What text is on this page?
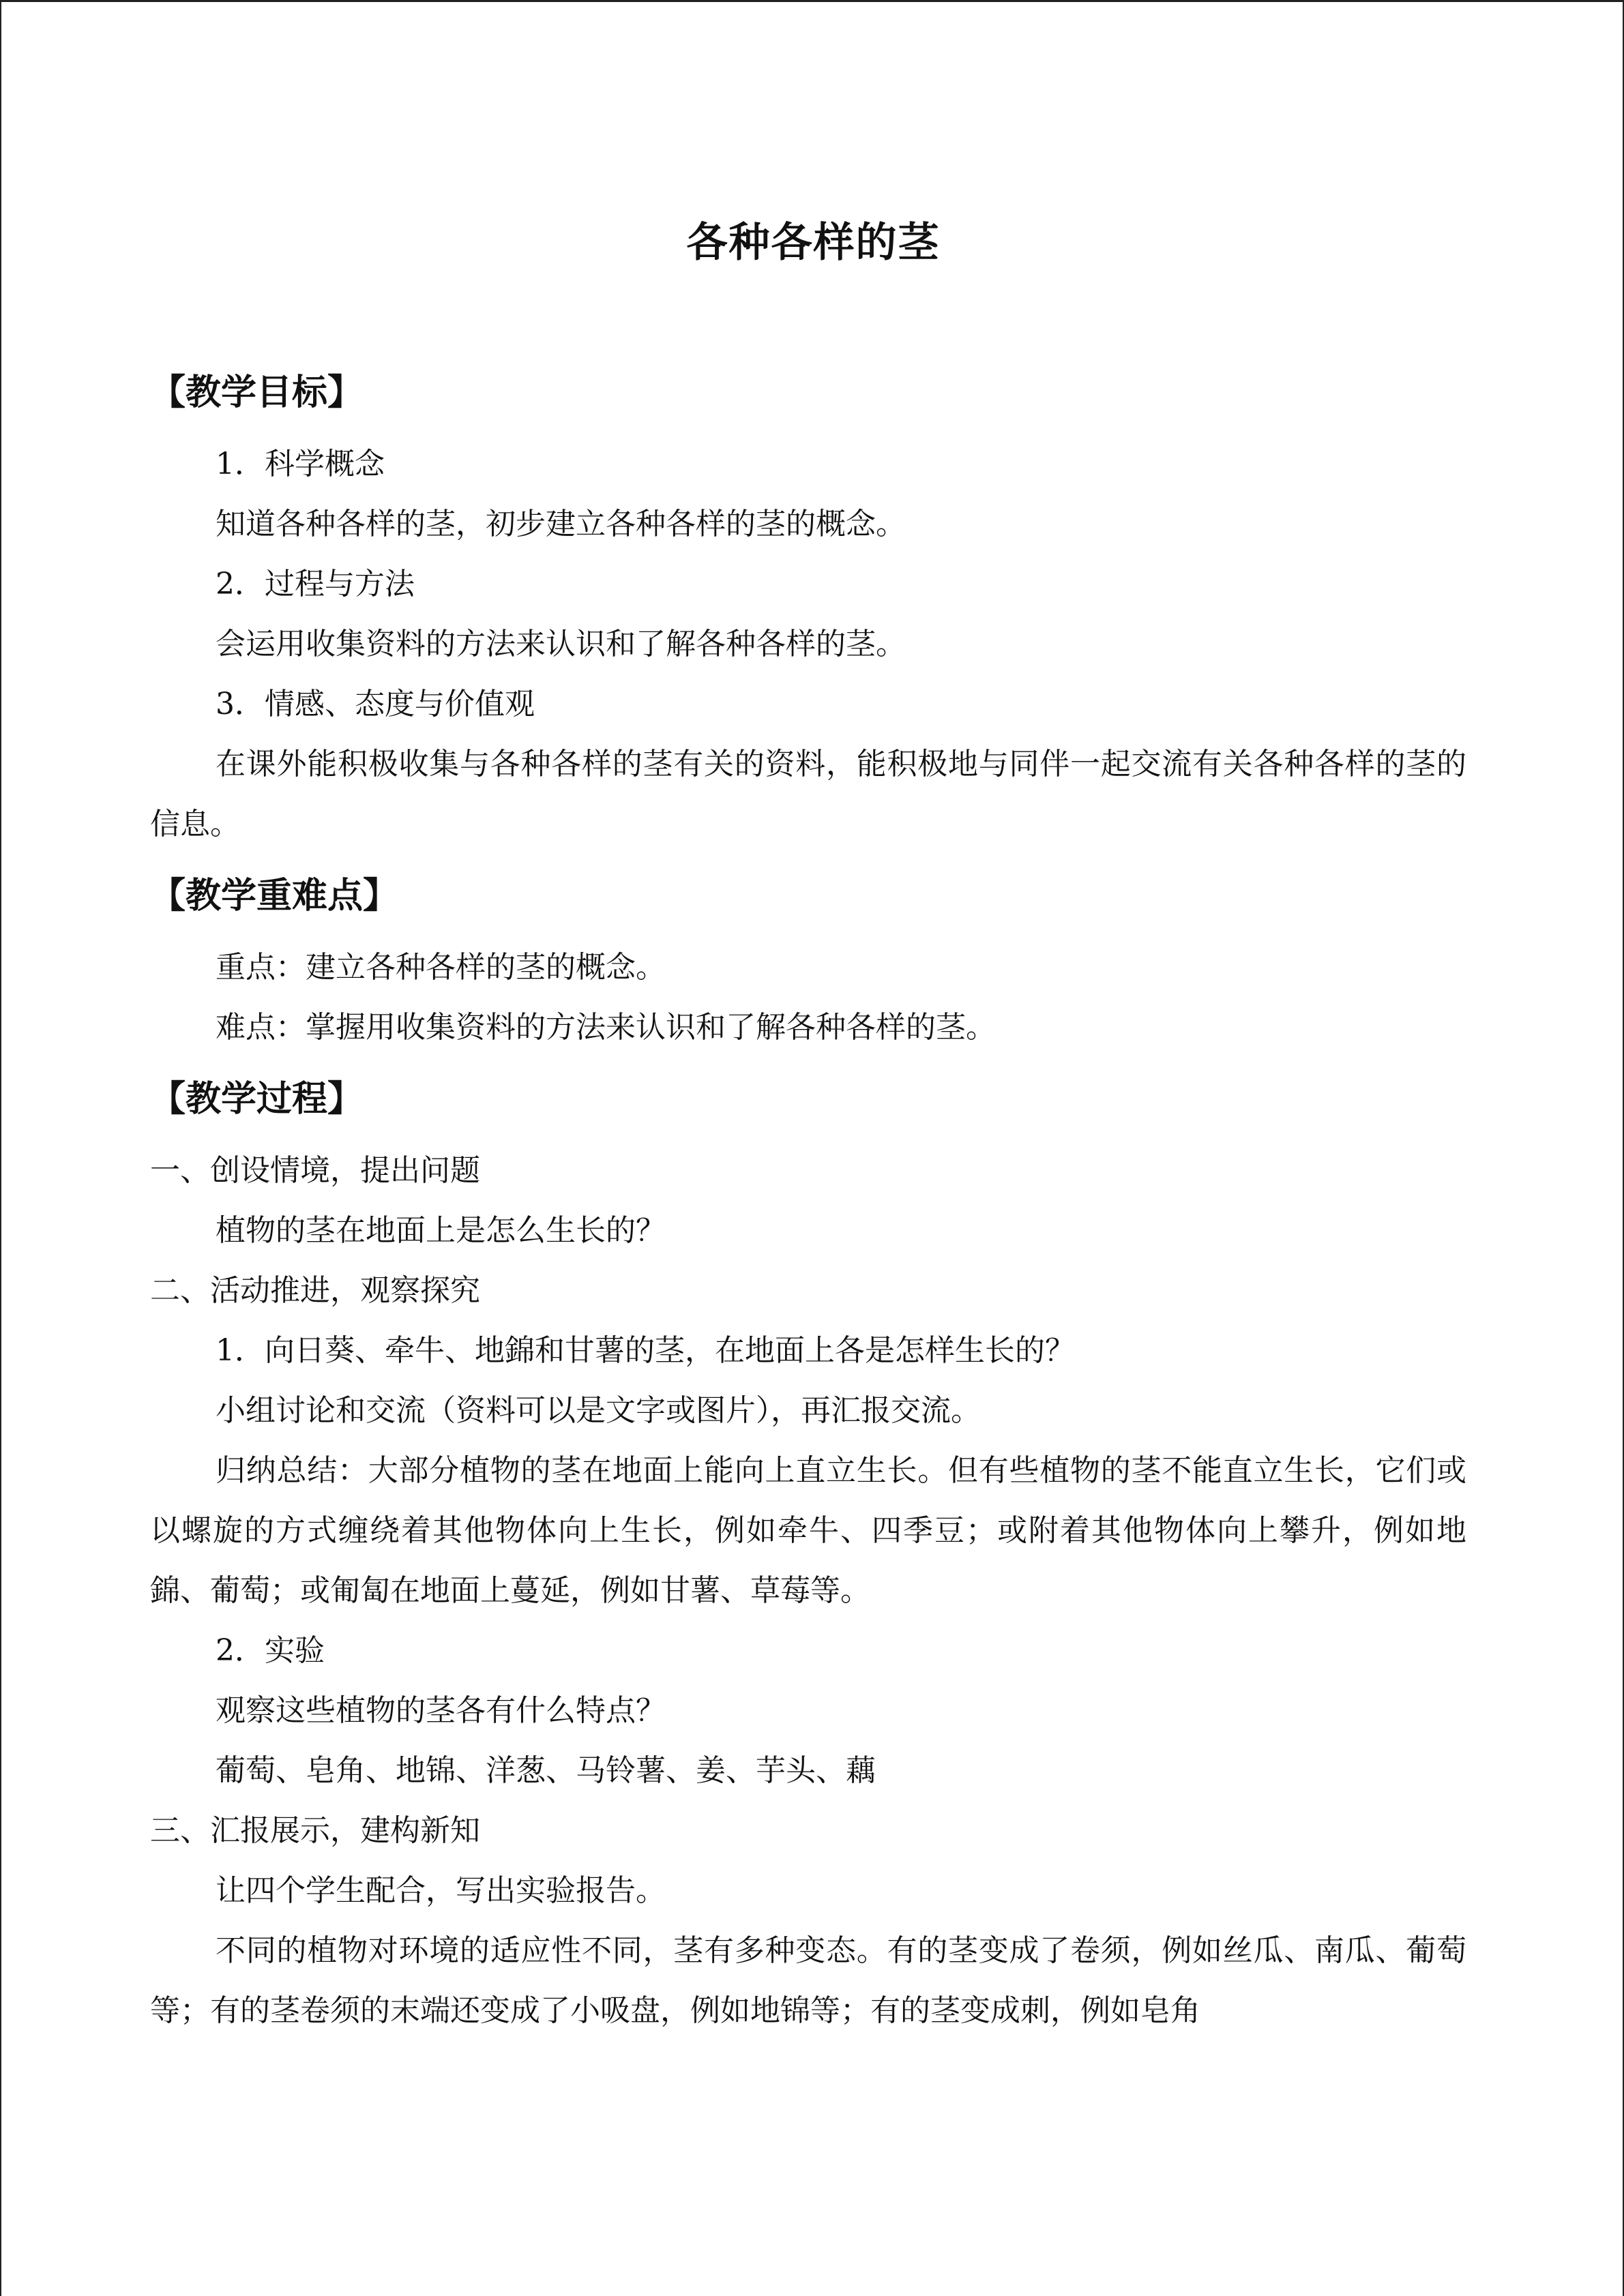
各种各样的茎
【教学目标】
1．科学概念
知道各种各样的茎，初步建立各种各样的茎的概念。
2．过程与方法
会运用收集资料的方法来认识和了解各种各样的茎。
3．情感、态度与价值观
在课外能积极收集与各种各样的茎有关的资料，能积极地与同伴一起交流有关各种各样的茎的信息。
【教学重难点】
重点：建立各种各样的茎的概念。
难点：掌握用收集资料的方法来认识和了解各种各样的茎。
【教学过程】
一、创设情境，提出问题
植物的茎在地面上是怎么生长的？
二、活动推进，观察探究
1．向日葵、牵牛、地錦和甘薯的茎，在地面上各是怎样生长的？
小组讨论和交流（资料可以是文字或图片），再汇报交流。
归纳总结：大部分植物的茎在地面上能向上直立生长。但有些植物的茎不能直立生长，它们或以螺旋的方式缠绕着其他物体向上生长，例如牵牛、四季豆；或附着其他物体向上攀升，例如地錦、葡萄；或匍匐在地面上蔓延，例如甘薯、草莓等。
2．实验
观察这些植物的茎各有什么特点？
葡萄、皂角、地锦、洋葱、马铃薯、姜、芋头、藕
三、汇报展示，建构新知
让四个学生配合，写出实验报告。
不同的植物对环境的适应性不同，茎有多种变态。有的茎变成了卷须，例如丝瓜、南瓜、葡萄等；有的茎卷须的末端还变成了小吸盘，例如地锦等；有的茎变成刺，例如皂角
